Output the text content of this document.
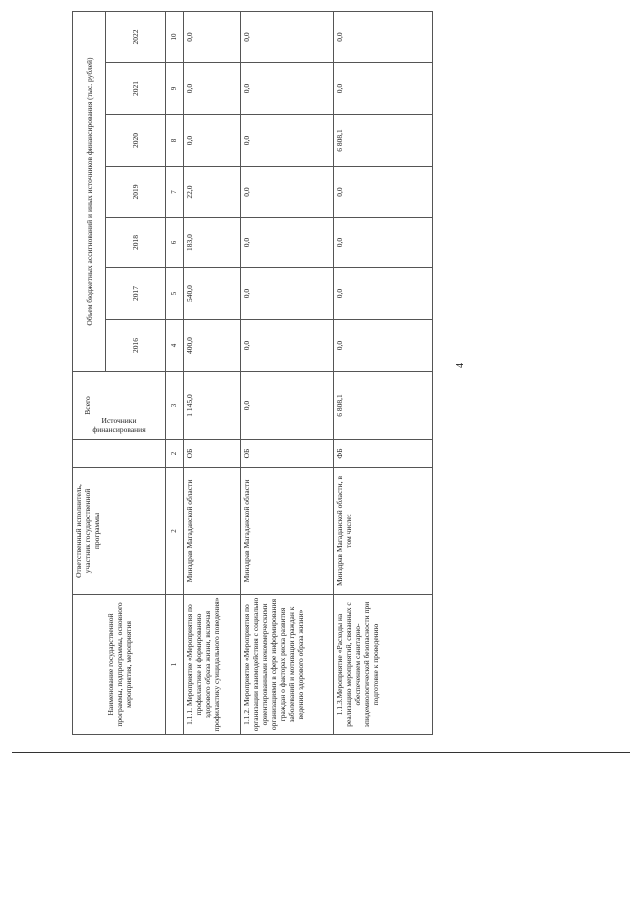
Наименование государственной программы, подпрограммы, основного мероприятия, мероприятия	Ответственный исполнитель, участник государственной программы	Источники финансирования	Всего	Объем бюджетных ассигнований и иных источников финансирования (тыс. рублей)						
				2016	2017	2018	2019	2020	2021	2022
1	2	2	3	4	5	6	7	8	9	10
1.1.1. Мероприятие «Мероприятия по профилактике и формированию здорового образа жизни, включая профилактику суицидального поведения»	Минздрав Магаданской области	ОБ	1 145,0	400,0	540,0	183,0	22,0	0,0	0,0	0,0
1.1.2. Мероприятие «Мероприятия по организации взаимодействия с социально ориентированными некоммерческими организациями в сфере информирования граждан о факторах риска развития заболеваний и мотивации граждан к ведению здорового образа жизни»	Минздрав Магаданской области	ОБ	0,0	0,0	0,0	0,0	0,0	0,0	0,0	0,0
1.1.3.Мероприятие «Расходы на реализацию мероприятий, связанных с обеспечением санитарно-эпидемиологической безопасности при подготовке к проведению	Минздрав Магаданской области, в том числе:	ФБ	6 808,1	0,0	0,0	0,0	0,0	6 808,1	0,0	0,0
4
